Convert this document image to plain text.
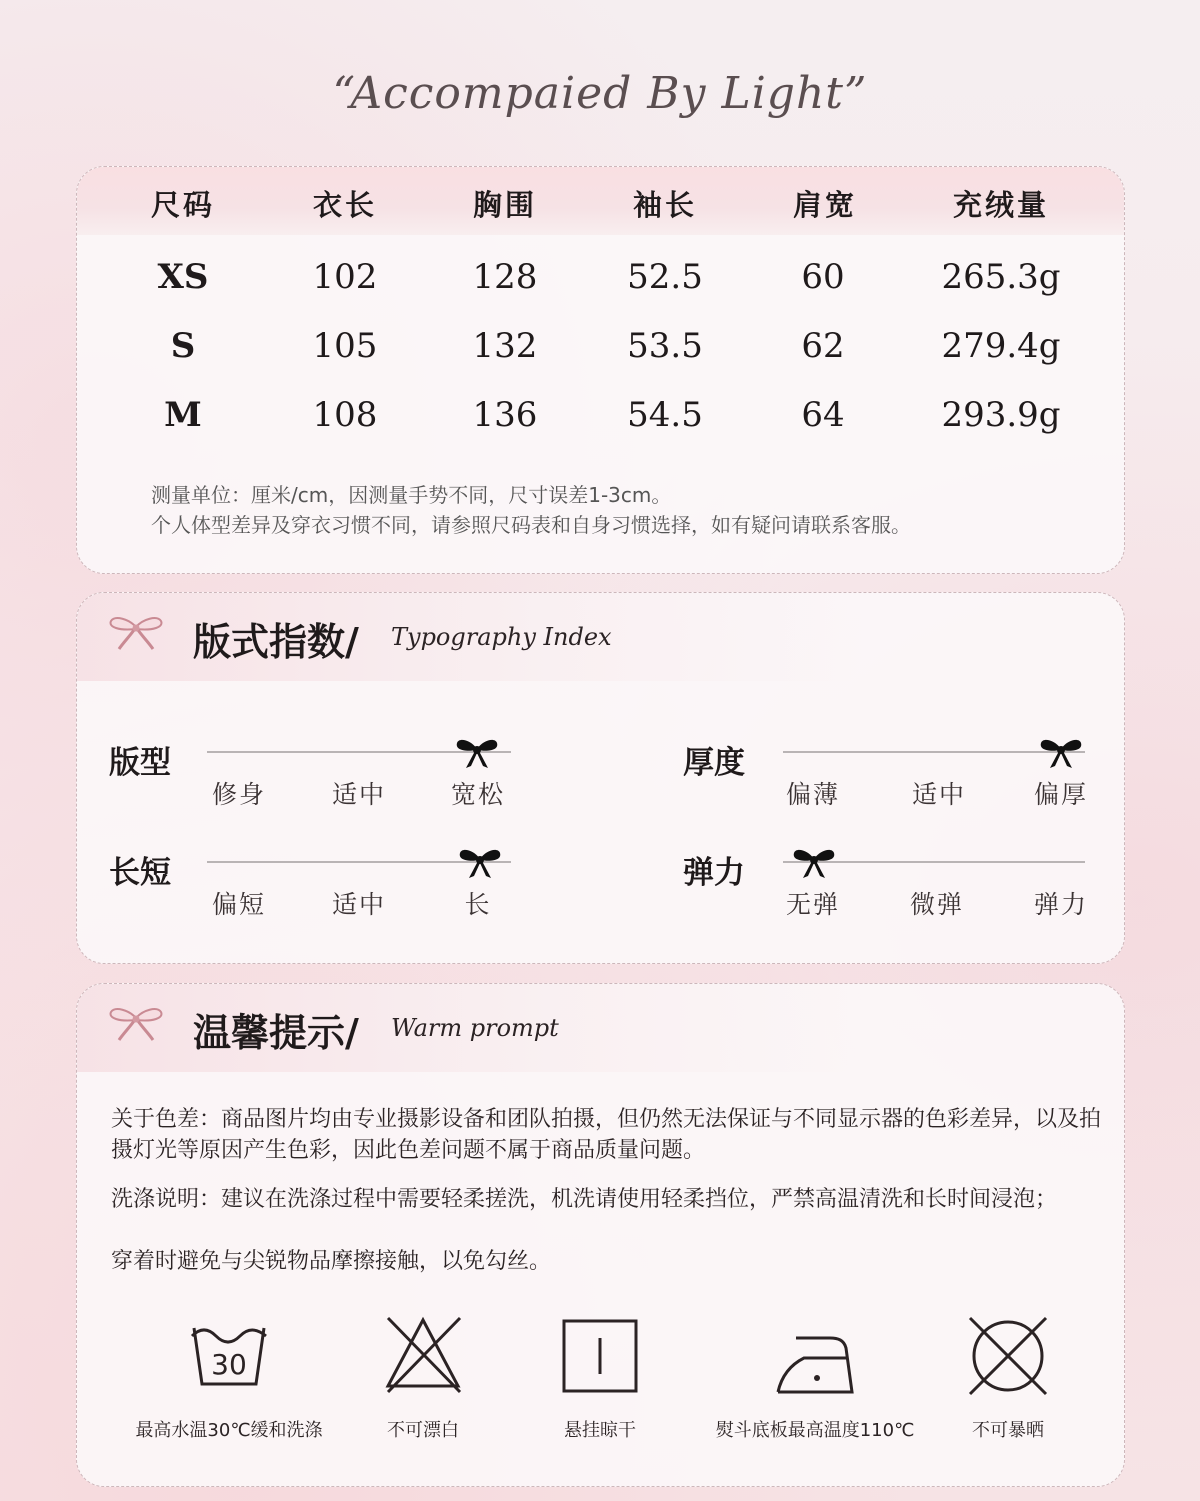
“Accompaied By Light”
尺码	衣长	胸围	袖长	肩宽	充绒量
XS	102	128	52.5	60	265.3g
S	105	132	53.5	62	279.4g
M	108	136	54.5	64	293.9g
测量单位：厘米/cm，因测量手势不同，尺寸误差1-3cm。
个人体型差异及穿衣习惯不同，请参照尺码表和自身习惯选择，如有疑问请联系客服。
版式指数/ Typography Index
版型
修身	适中	宽松
厚度
偏薄	适中	偏厚
长短
偏短	适中	长
弹力
无弹	微弹	弹力
温馨提示/ Warm prompt
关于色差：商品图片均由专业摄影设备和团队拍摄，但仍然无法保证与不同显示器的色彩差异，以及拍摄灯光等原因产生色彩，因此色差问题不属于商品质量问题。
洗涤说明：建议在洗涤过程中需要轻柔搓洗，机洗请使用轻柔挡位，严禁高温清洗和长时间浸泡；
穿着时避免与尖锐物品摩擦接触，以免勾丝。
30
最高水温30℃缓和洗涤	不可漂白	悬挂晾干	熨斗底板最高温度110℃	不可暴晒
